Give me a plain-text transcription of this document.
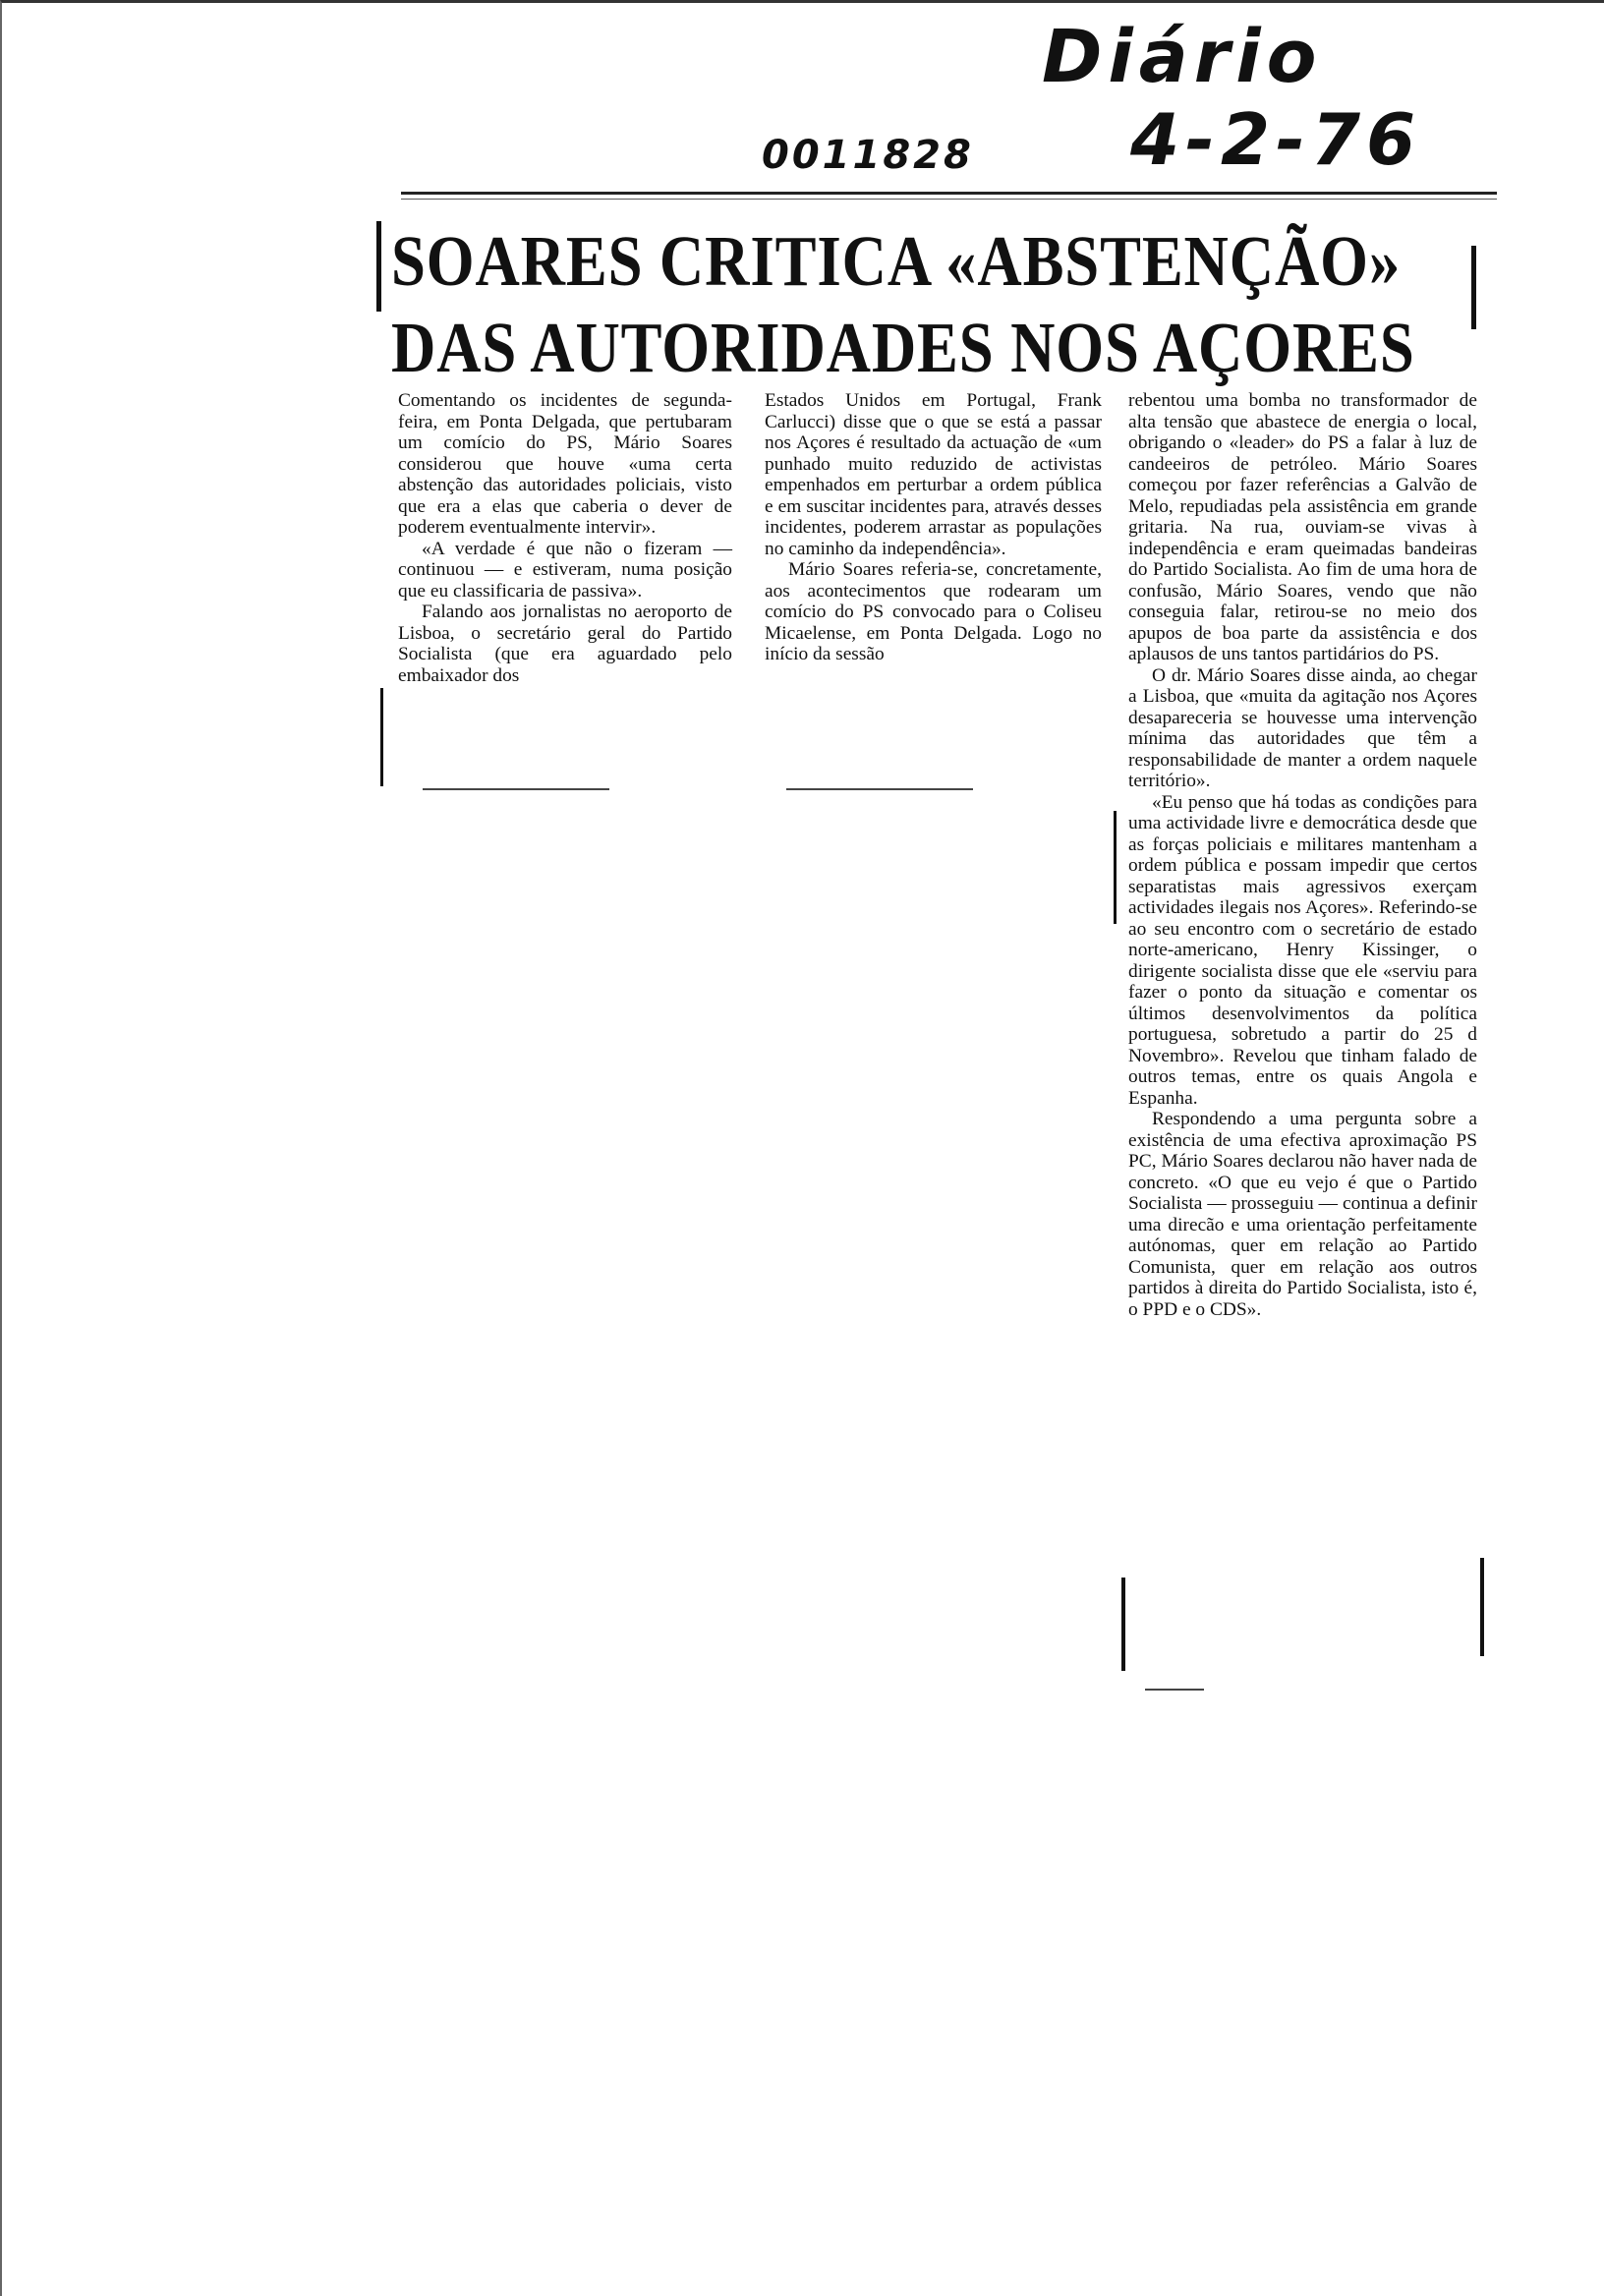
Diário
4-2-76
0011828
SOARES CRITICA «ABSTENÇÃO»
DAS AUTORIDADES NOS AÇORES

Comentando os incidentes de segunda-feira, em Ponta Delgada, que pertubaram um comício do PS, Mário Soares considerou que houve «uma certa abstenção das autoridades policiais, visto que era a elas que caberia o dever de poderem eventualmente intervir».

«A verdade é que não o fizeram — continuou — e estiveram, numa posição que eu classificaria de passiva».

Falando aos jornalistas no aeroporto de Lisboa, o secretário geral do Partido Socialista (que era aguardado pelo embaixador dos

Estados Unidos em Portugal, Frank Carlucci) disse que o que se está a passar nos Açores é resultado da actuação de «um punhado muito reduzido de activistas empenhados em perturbar a ordem pública e em suscitar incidentes para, através desses incidentes, poderem arrastar as populações no caminho da independência».

Mário Soares referia-se, concretamente, aos acontecimentos que rodearam um comício do PS convocado para o Coliseu Micaelense, em Ponta Delgada. Logo no início da sessão

rebentou uma bomba no transformador de alta tensão que abastece de energia o local, obrigando o «leader» do PS a falar à luz de candeeiros de petróleo. Mário Soares começou por fazer referências a Galvão de Melo, repudiadas pela assistência em grande gritaria. Na rua, ouviam-se vivas à independência e eram queimadas bandeiras do Partido Socialista. Ao fim de uma hora de confusão, Mário Soares, vendo que não conseguia falar, retirou-se no meio dos apupos de boa parte da assistência e dos aplausos de uns tantos partidários do PS.

O dr. Mário Soares disse ainda, ao chegar a Lisboa, que «muita da agitação nos Açores desapareceria se houvesse uma intervenção mínima das autoridades que têm a responsabilidade de manter a ordem naquele território».

«Eu penso que há todas as condições para uma actividade livre e democrática desde que as forças policiais e militares mantenham a ordem pública e possam impedir que certos separatistas mais agressivos exerçam actividades ilegais nos Açores». Referindo-se ao seu encontro com o secretário de estado norte-americano, Henry Kissinger, o dirigente socialista disse que ele «serviu para fazer o ponto da situação e comentar os últimos desenvolvimentos da política portuguesa, sobretudo a partir do 25 d Novembro». Revelou que tinham falado de outros temas, entre os quais Angola e Espanha.

Respondendo a uma pergunta sobre a existência de uma efectiva aproximação PS PC, Mário Soares declarou não haver nada de concreto. «O que eu vejo é que o Partido Socialista — prosseguiu — continua a definir uma direcão e uma orientação perfeitamente autónomas, quer em relação ao Partido Comunista, quer em relação aos outros partidos à direita do Partido Socialista, isto é, o PPD e o CDS».
